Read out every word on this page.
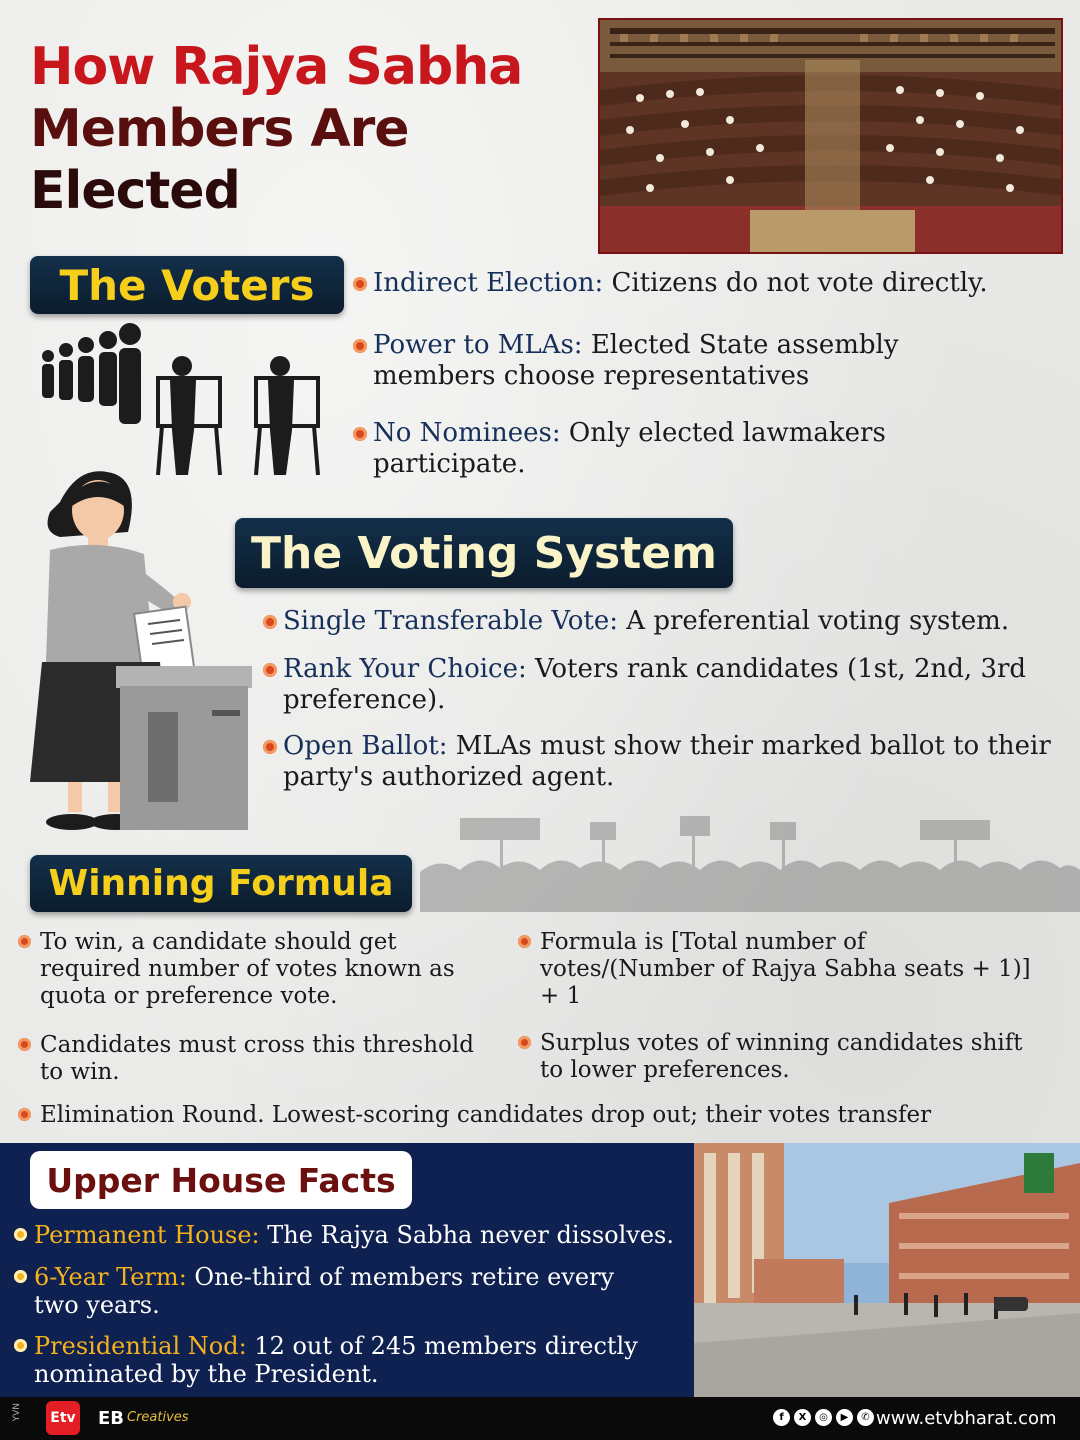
How Rajya Sabha
Members Are
Elected
The Voters Indirect Election: Citizens do not vote directly.
Power to MLAs: Elected State assembly members choose representatives
No Nominees: Only elected lawmakers participate.
The Voting System
Single Transferable Vote: A preferential voting system.
Rank Your Choice: Voters rank candidates (1st, 2nd, 3rd preference).
Open Ballot: MLAs must show their marked ballot to their party's authorized agent.
Winning Formula
To win, a candidate should get required number of votes known as quota or preference vote.
Candidates must cross this threshold to win.
Formula is [Total number of votes/(Number of Rajya Sabha seats + 1)] + 1
Surplus votes of winning candidates shift to lower preferences.
Elimination Round. Lowest-scoring candidates drop out; their votes transfer
Upper House Facts
Permanent House: The Rajya Sabha never dissolves.
6-Year Term: One-third of members retire every two years.
Presidential Nod: 12 out of 245 members directly nominated by the President.
YVN Etv EB Creatives	f	X	◎	▶	✆ www.etvbharat.com
